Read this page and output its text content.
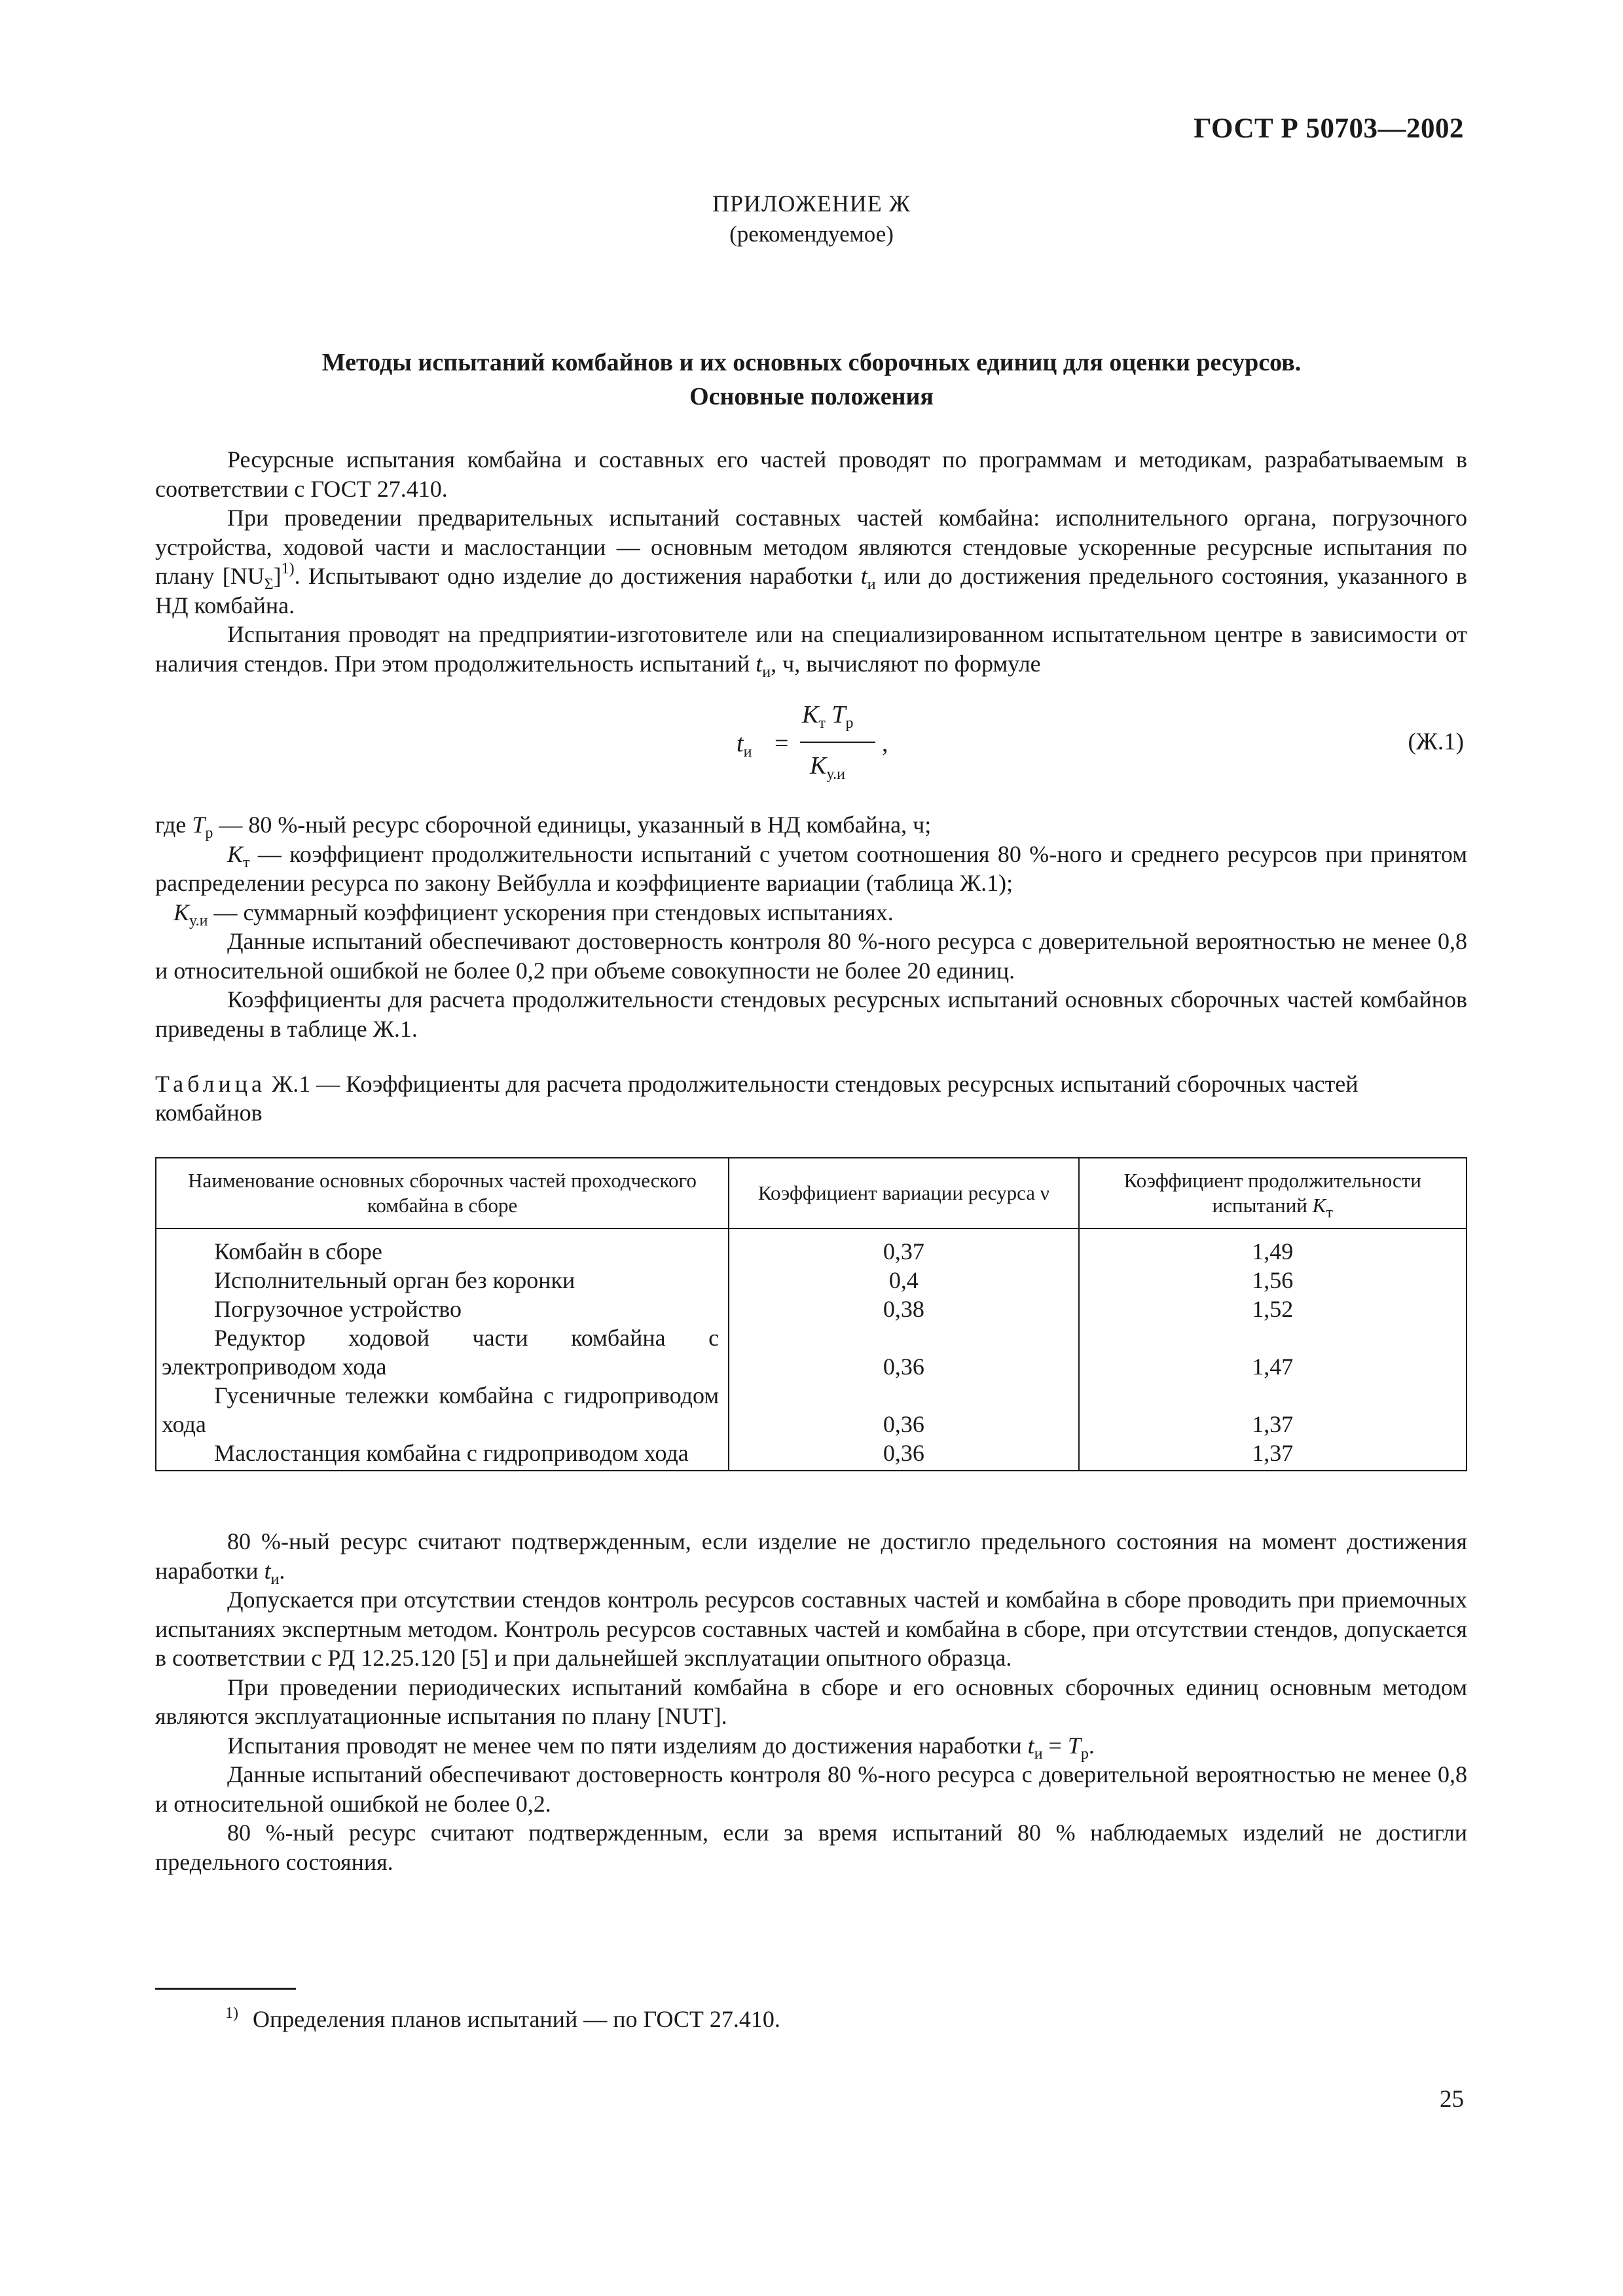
ГОСТ Р 50703—2002
ПРИЛОЖЕНИЕ Ж
(рекомендуемое)
Методы испытаний комбайнов и их основных сборочных единиц для оценки ресурсов.
Основные положения

Ресурсные испытания комбайна и составных его частей проводят по программам и методикам, разрабатываемым в соответствии с ГОСТ 27.410.

При проведении предварительных испытаний составных частей комбайна: исполнительного органа, погрузочного устройства, ходовой части и маслостанции — основным методом являются стендовые ускоренные ресурсные испытания по плану $[NU_\Sigma]^{1)}$. Испытывают одно изделие до достижения наработки $t_и$ или до достижения предельного состояния, указанного в НД комбайна.

Испытания проводят на предприятии-изготовителе или на специализированном испытательном центре в зависимости от наличия стендов. При этом продолжительность испытаний $t_и$, ч, вычисляют по формуле

$t_и$ =
$K_т$ $T_р$
$K_{у.и}$
,	(Ж.1)

где $T_р$ — 80 %-ный ресурс сборочной единицы, указанный в НД комбайна, ч;

$K_т$ — коэффициент продолжительности испытаний с учетом соотношения 80 %-ного и среднего ресурсов при принятом распределении ресурса по закону Вейбулла и коэффициенте вариации (таблица Ж.1);

$K_{у.и}$ — суммарный коэффициент ускорения при стендовых испытаниях.

Данные испытаний обеспечивают достоверность контроля 80 %-ного ресурса с доверительной вероятностью не менее 0,8 и относительной ошибкой не более 0,2 при объеме совокупности не более 20 единиц.

Коэффициенты для расчета продолжительности стендовых ресурсных испытаний основных сборочных частей комбайнов приведены в таблице Ж.1.

Таблица Ж.1 — Коэффициенты для расчета продолжительности стендовых ресурсных испытаний сборочных частей комбайнов
Наименование основных сборочных частей проходческого комбайна в сборе	Коэффициент вариации ресурса ν	Коэффициент продолжительности испытаний $K_т$

Комбайн в сборе	0,37	1,49

Исполнительный орган без коронки	0,4	1,56

Погрузочное устройство	0,38	1,52

Редуктор ходовой части комбайна с электроприводом хода	0,36	1,47

Гусеничные тележки комбайна с гидроприводом хода	0,36	1,37

Маслостанция комбайна с гидроприводом хода	0,36	1,37

80 %-ный ресурс считают подтвержденным, если изделие не достигло предельного состояния на момент достижения наработки $t_и$.

Допускается при отсутствии стендов контроль ресурсов составных частей и комбайна в сборе проводить при приемочных испытаниях экспертным методом. Контроль ресурсов составных частей и комбайна в сборе, при отсутствии стендов, допускается в соответствии с РД 12.25.120 [5] и при дальнейшей эксплуатации опытного образца.

При проведении периодических испытаний комбайна в сборе и его основных сборочных единиц основным методом являются эксплуатационные испытания по плану [NUT].

Испытания проводят не менее чем по пяти изделиям до достижения наработки $t_и = T_р$.

Данные испытаний обеспечивают достоверность контроля 80 %-ного ресурса с доверительной вероятностью не менее 0,8 и относительной ошибкой не более 0,2.

80 %-ный ресурс считают подтвержденным, если за время испытаний 80 % наблюдаемых изделий не достигли предельного состояния.

$^{1)}$ Определения планов испытаний — по ГОСТ 27.410.
25
